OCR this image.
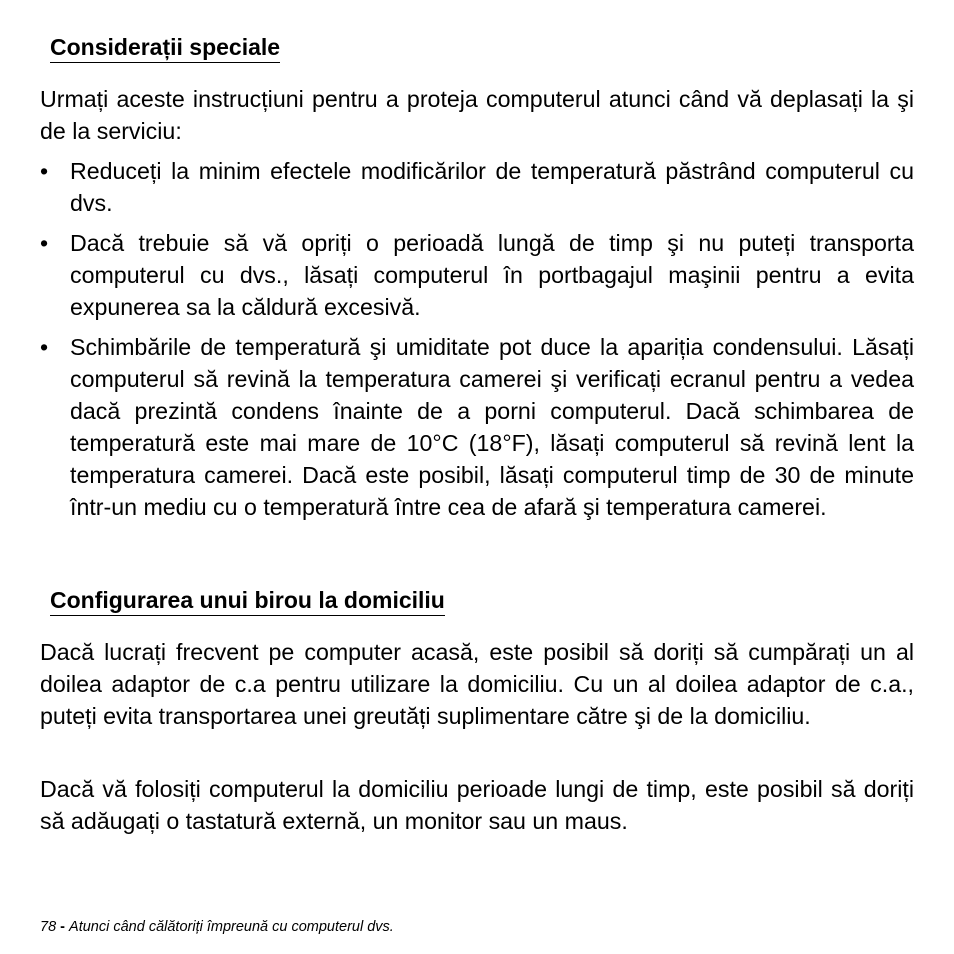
Considerații speciale

Urmați aceste instrucțiuni pentru a proteja computerul atunci când vă deplasați la şi de la serviciu:

• Reduceți la minim efectele modificărilor de temperatură păstrând computerul cu dvs.
• Dacă trebuie să vă opriți o perioadă lungă de timp şi nu puteți transporta computerul cu dvs., lăsați computerul în portbagajul maşinii pentru a evita expunerea sa la căldură excesivă.
• Schimbările de temperatură şi umiditate pot duce la apariția condensului. Lăsați computerul să revină la temperatura camerei şi verificați ecranul pentru a vedea dacă prezintă condens înainte de a porni computerul. Dacă schimbarea de temperatură este mai mare de 10°C (18°F), lăsați computerul să revină lent la temperatura camerei. Dacă este posibil, lăsați computerul timp de 30 de minute într-un mediu cu o temperatură între cea de afară şi temperatura camerei.
Configurarea unui birou la domiciliu

Dacă lucrați frecvent pe computer acasă, este posibil să doriți să cumpărați un al doilea adaptor de c.a pentru utilizare la domiciliu. Cu un al doilea adaptor de c.a., puteți evita transportarea unei greutăți suplimentare către şi de la domiciliu.

Dacă vă folosiți computerul la domiciliu perioade lungi de timp, este posibil să doriți să adăugați o tastatură externă, un monitor sau un maus.

78 - Atunci când călătoriți împreună cu computerul dvs.
